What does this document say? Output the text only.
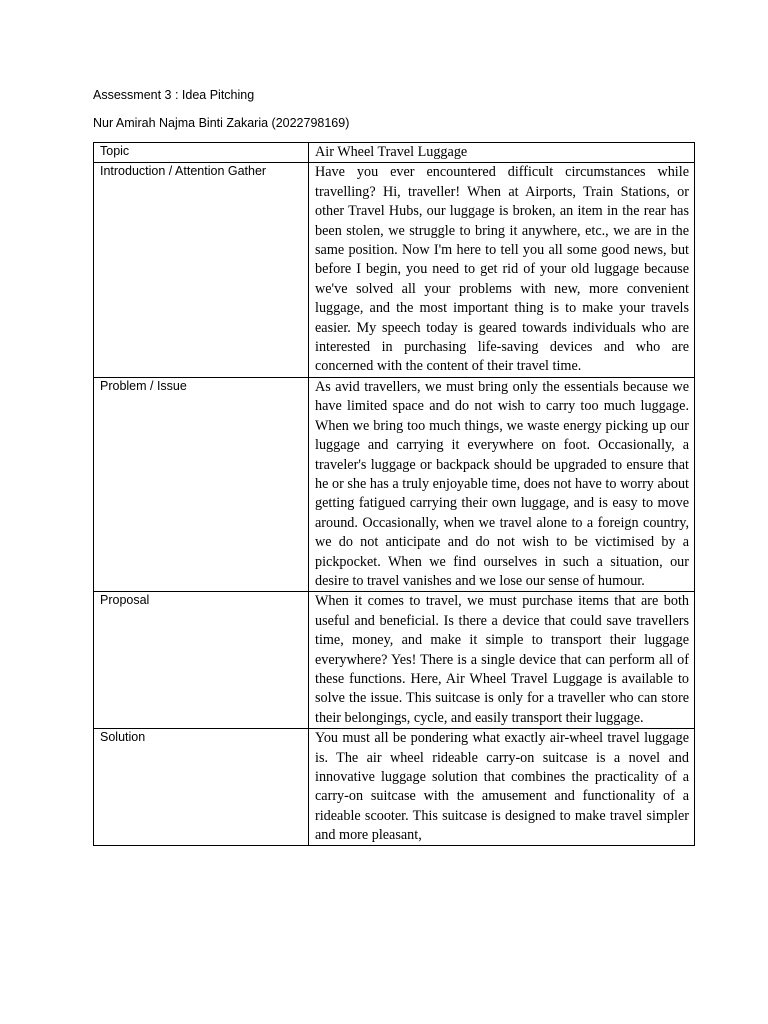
Assessment 3 : Idea Pitching
Nur Amirah Najma Binti Zakaria (2022798169)
Topic	Air Wheel Travel Luggage
Introduction / Attention Gather	Have you ever encountered difficult circumstances while travelling? Hi, traveller! When at Airports, Train Stations, or other Travel Hubs, our luggage is broken, an item in the rear has been stolen, we struggle to bring it anywhere, etc., we are in the same position. Now I'm here to tell you all some good news, but before I begin, you need to get rid of your old luggage because we've solved all your problems with new, more convenient luggage, and the most important thing is to make your travels easier. My speech today is geared towards individuals who are interested in purchasing life-saving devices and who are concerned with the content of their travel time.
Problem / Issue	As avid travellers, we must bring only the essentials because we have limited space and do not wish to carry too much luggage. When we bring too much things, we waste energy picking up our luggage and carrying it everywhere on foot. Occasionally, a traveler's luggage or backpack should be upgraded to ensure that he or she has a truly enjoyable time, does not have to worry about getting fatigued carrying their own luggage, and is easy to move around. Occasionally, when we travel alone to a foreign country, we do not anticipate and do not wish to be victimised by a pickpocket. When we find ourselves in such a situation, our desire to travel vanishes and we lose our sense of humour.
Proposal	When it comes to travel, we must purchase items that are both useful and beneficial. Is there a device that could save travellers time, money, and make it simple to transport their luggage everywhere? Yes! There is a single device that can perform all of these functions. Here, Air Wheel Travel Luggage is available to solve the issue. This suitcase is only for a traveller who can store their belongings, cycle, and easily transport their luggage.
Solution	You must all be pondering what exactly air-wheel travel luggage is. The air wheel rideable carry-on suitcase is a novel and innovative luggage solution that combines the practicality of a carry-on suitcase with the amusement and functionality of a rideable scooter. This suitcase is designed to make travel simpler and more pleasant,
